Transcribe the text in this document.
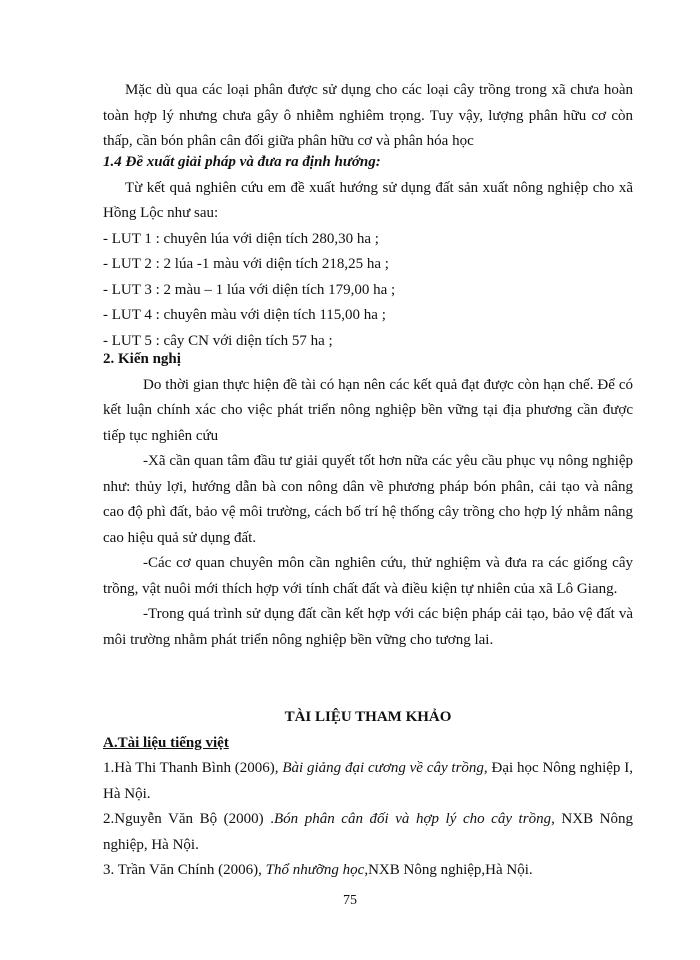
Mặc dù qua các loại phân được sử dụng cho các loại cây trồng trong xã chưa hoàn toàn hợp lý nhưng chưa gây ô nhiễm nghiêm trọng. Tuy vậy, lượng phân hữu cơ còn thấp, cần bón phân cân đối giữa phân hữu cơ và phân hóa học

1.4 Đề xuất giải pháp và đưa ra định hướng:

Từ kết quả nghiên cứu em đề xuất hướng sử dụng đất sản xuất nông nghiệp cho xã Hồng Lộc như sau:

- LUT 1 : chuyên lúa với diện tích 280,30 ha ;

- LUT 2 : 2 lúa -1 màu với diện tích 218,25 ha ;

- LUT 3 : 2 màu – 1 lúa với diện tích 179,00 ha ;

- LUT 4 : chuyên màu với diện tích 115,00 ha ;

- LUT 5 : cây CN với diện tích 57 ha ;

2. Kiến nghị

Do thời gian thực hiện đề tài có hạn nên các kết quả đạt được còn hạn chế. Để có kết luận chính xác cho việc phát triển nông nghiệp bền vững tại địa phương cần được tiếp tục nghiên cứu

-Xã cần quan tâm đầu tư giải quyết tốt hơn nữa các yêu cầu phục vụ nông nghiệp như: thủy lợi, hướng dẫn bà con nông dân về phương pháp bón phân, cải tạo và nâng cao độ phì đất, bảo vệ môi trường, cách bố trí hệ thống cây trồng cho hợp lý nhằm nâng cao hiệu quả sử dụng đất.

-Các cơ quan chuyên môn cần nghiên cứu, thử nghiệm và đưa ra các giống cây trồng, vật nuôi mới thích hợp với tính chất đất và điều kiện tự nhiên của xã Lô Giang.

-Trong quá trình sử dụng đất cần kết hợp với các biện pháp cải tạo, bảo vệ đất và môi trường nhằm phát triển nông nghiệp bền vững cho tương lai.

TÀI LIỆU THAM KHẢO

A.Tài liệu tiếng việt

1.Hà Thi Thanh Bình (2006), Bài giảng đại cương về cây trồng, Đại học Nông nghiệp I, Hà Nội.

2.Nguyễn Văn Bộ (2000) .Bón phân cân đối và hợp lý cho cây trồng, NXB Nông nghiệp, Hà Nội.

3. Trần Văn Chính (2006), Thổ nhưỡng học,NXB Nông nghiệp,Hà Nội.

75
